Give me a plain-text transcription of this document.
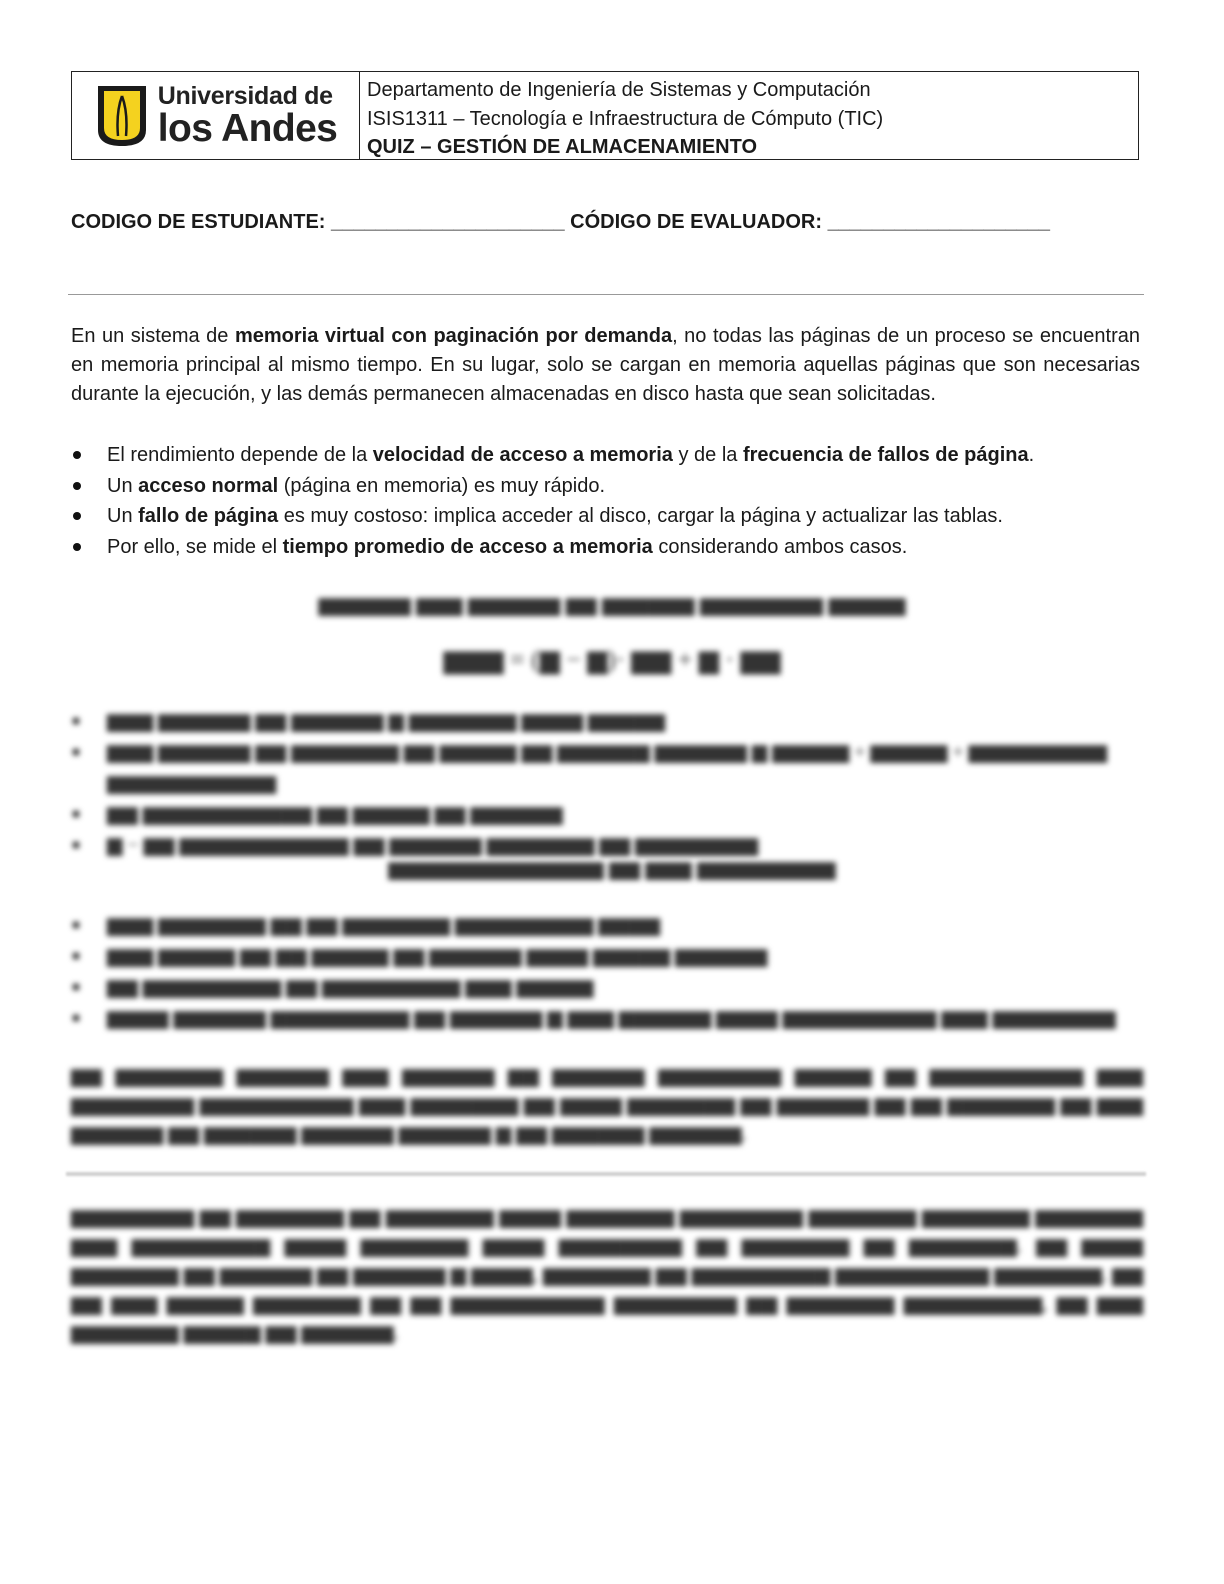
Universidad de
los Andes
Departamento de Ingeniería de Sistemas y Computación
ISIS1311 – Tecnología e Infraestructura de Cómputo (TIC)
QUIZ – GESTIÓN DE ALMACENAMIENTO
CODIGO DE ESTUDIANTE: _____________________ CÓDIGO DE EVALUADOR: ____________________
En un sistema de memoria virtual con paginación por demanda, no todas las páginas de un proceso se encuentran en memoria principal al mismo tiempo. En su lugar, solo se cargan en memoria aquellas páginas que son necesarias durante la ejecución, y las demás permanecen almacenadas en disco hasta que sean solicitadas.
El rendimiento depende de la velocidad de acceso a memoria y de la frecuencia de fallos de página.
Un acceso normal (página en memoria) es muy rápido.
Un fallo de página es muy costoso: implica acceder al disco, cargar la página y actualizar las tablas.
Por ello, se mide el tiempo promedio de acceso a memoria considerando ambos casos.
▆▆▆▆▆▆ ▆▆▆ ▆▆▆▆▆▆ ▆▆ ▆▆▆▆▆▆ ▆▆▆▆▆▆▆▆ ▆▆▆▆▆
▆▆▆ = (▆ − ▆)· ▆▆ + ▆ · ▆▆
▆▆▆ ▆▆▆▆▆▆ ▆▆ ▆▆▆▆▆▆ ▆ ▆▆▆▆▆▆▆ ▆▆▆▆ ▆▆▆▆▆
▆▆▆ ▆▆▆▆▆▆ ▆▆ ▆▆▆▆▆▆▆ ▆▆ ▆▆▆▆▆ ▆▆ ▆▆▆▆▆▆ ▆▆▆▆▆▆ ▆ ▆▆▆▆▆ + ▆▆▆▆▆ + ▆▆▆▆▆▆▆▆▆ ▆▆▆▆▆▆▆▆▆▆▆
▆▆ ▆▆▆▆▆▆▆▆▆▆▆ ▆▆ ▆▆▆▆▆ ▆▆ ▆▆▆▆▆▆
▆ − ▆▆ ▆▆▆▆▆▆▆▆▆▆▆ ▆▆ ▆▆▆▆▆▆ ▆▆▆▆▆▆▆ ▆▆ ▆▆▆▆▆▆▆▆
▆▆▆▆▆▆▆▆▆▆▆▆▆▆ ▆▆ ▆▆▆ ▆▆▆▆▆▆▆▆▆
▆▆▆ ▆▆▆▆▆▆▆ ▆▆ ▆▆ ▆▆▆▆▆▆▆ ▆▆▆▆▆▆▆▆▆ ▆▆▆▆
▆▆▆ ▆▆▆▆▆ ▆▆ ▆▆ ▆▆▆▆▆ ▆▆ ▆▆▆▆▆▆ ▆▆▆▆ ▆▆▆▆▆ ▆▆▆▆▆▆
▆▆ ▆▆▆▆▆▆▆▆▆ ▆▆ ▆▆▆▆▆▆▆▆▆ ▆▆▆ ▆▆▆▆▆
▆▆▆▆ ▆▆▆▆▆▆ ▆▆▆▆▆▆▆▆▆ ▆▆ ▆▆▆▆▆▆ ▆ ▆▆▆ ▆▆▆▆▆▆ ▆▆▆▆ ▆▆▆▆▆▆▆▆▆▆ ▆▆▆ ▆▆▆▆▆▆▆▆
▆▆ ▆▆▆▆▆▆▆ ▆▆▆▆▆▆ ▆▆▆ ▆▆▆▆▆▆ ▆▆ ▆▆▆▆▆▆ ▆▆▆▆▆▆▆▆ ▆▆▆▆▆ ▆▆ ▆▆▆▆▆▆▆▆▆▆ ▆▆▆ ▆▆▆▆▆▆▆▆ ▆▆▆▆▆▆▆▆▆▆ ▆▆▆ ▆▆▆▆▆▆▆ ▆▆ ▆▆▆▆ ▆▆▆▆▆▆▆ ▆▆ ▆▆▆▆▆▆ ▆▆ ▆▆ ▆▆▆▆▆▆▆ ▆▆ ▆▆▆ ▆▆▆▆▆▆ ▆▆ ▆▆▆▆▆▆ ▆▆▆▆▆▆ ▆▆▆▆▆▆ ▆ ▆▆ ▆▆▆▆▆▆ ▆▆▆▆▆▆.
▆▆▆▆▆▆▆▆ ▆▆ ▆▆▆▆▆▆▆ ▆▆ ▆▆▆▆▆▆▆ ▆▆▆▆ ▆▆▆▆▆▆▆ ▆▆▆▆▆▆▆▆ ▆▆▆▆▆▆▆ ▆▆▆▆▆▆▆ ▆▆▆▆▆▆▆ ▆▆▆ ▆▆▆▆▆▆▆▆▆ ▆▆▆▆ ▆▆▆▆▆▆▆ ▆▆▆▆ ▆▆▆▆▆▆▆▆ ▆▆ ▆▆▆▆▆▆▆ ▆▆ ▆▆▆▆▆▆▆. ▆▆ ▆▆▆▆ ▆▆▆▆▆▆▆ ▆▆ ▆▆▆▆▆▆ ▆▆ ▆▆▆▆▆▆ ▆ ▆▆▆▆, ▆▆▆▆▆▆▆ ▆▆ ▆▆▆▆▆▆▆▆▆ ▆▆▆▆▆▆▆▆▆▆ ▆▆▆▆▆▆▆. ▆▆ ▆▆ ▆▆▆ ▆▆▆▆▆ ▆▆▆▆▆▆▆ ▆▆ ▆▆ ▆▆▆▆▆▆▆▆▆▆ ▆▆▆▆▆▆▆▆ ▆▆ ▆▆▆▆▆▆▆ ▆▆▆▆▆▆▆▆▆, ▆▆ ▆▆▆ ▆▆▆▆▆▆▆ ▆▆▆▆▆ ▆▆ ▆▆▆▆▆▆.
